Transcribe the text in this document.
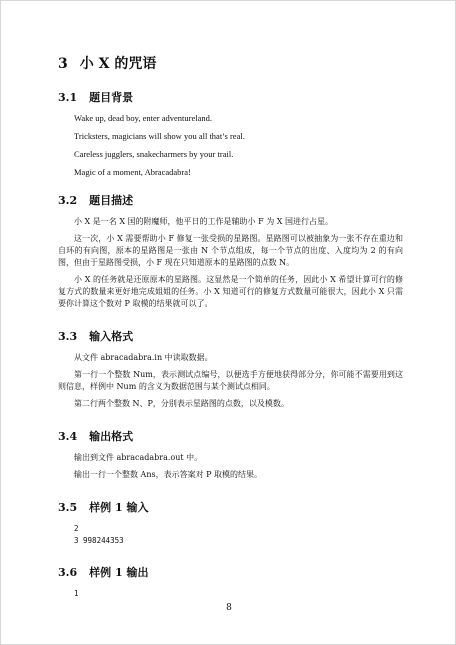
3 小 X 的咒语
3.1 题目背景

Wake up, dead boy, enter adventureland.

Tricksters, magicians will show you all that’s real.

Careless jugglers, snakecharmers by your trail.

Magic of a moment, Abracadabra!

3.2 题目描述

小 X 是一名 X 国的附魔师，他平日的工作是辅助小 F 为 X 国进行占星。

这一次，小 X 需要帮助小 F 修复一张受损的星路图。星路图可以被抽象为一张不存在重边和自环的有向图，原本的星路图是一张由 N 个节点组成，每一个节点的出度、入度均为 2 的有向图，但由于星路图受损，小 F 现在只知道原本的星路图的点数 N。

小 X 的任务就是还原原本的星路图。这显然是一个简单的任务，因此小 X 希望计算可行的修复方式的数量来更好地完成姐姐的任务。小 X 知道可行的修复方式数量可能很大，因此小 X 只需要你计算这个数对 P 取模的结果就可以了。

3.3 输入格式

从文件 abracadabra.in 中读取数据。

第一行一个整数 Num，表示测试点编号，以便选手方便地获得部分分，你可能不需要用到这则信息，样例中 Num 的含义为数据范围与某个测试点相同。

第二行两个整数 N、P，分别表示星路图的点数，以及模数。

3.4 输出格式

输出到文件 abracadabra.out 中。

输出一行一个整数 Ans，表示答案对 P 取模的结果。

3.5 样例 1 输入

2

3 998244353

3.6 样例 1 输出

1

8
